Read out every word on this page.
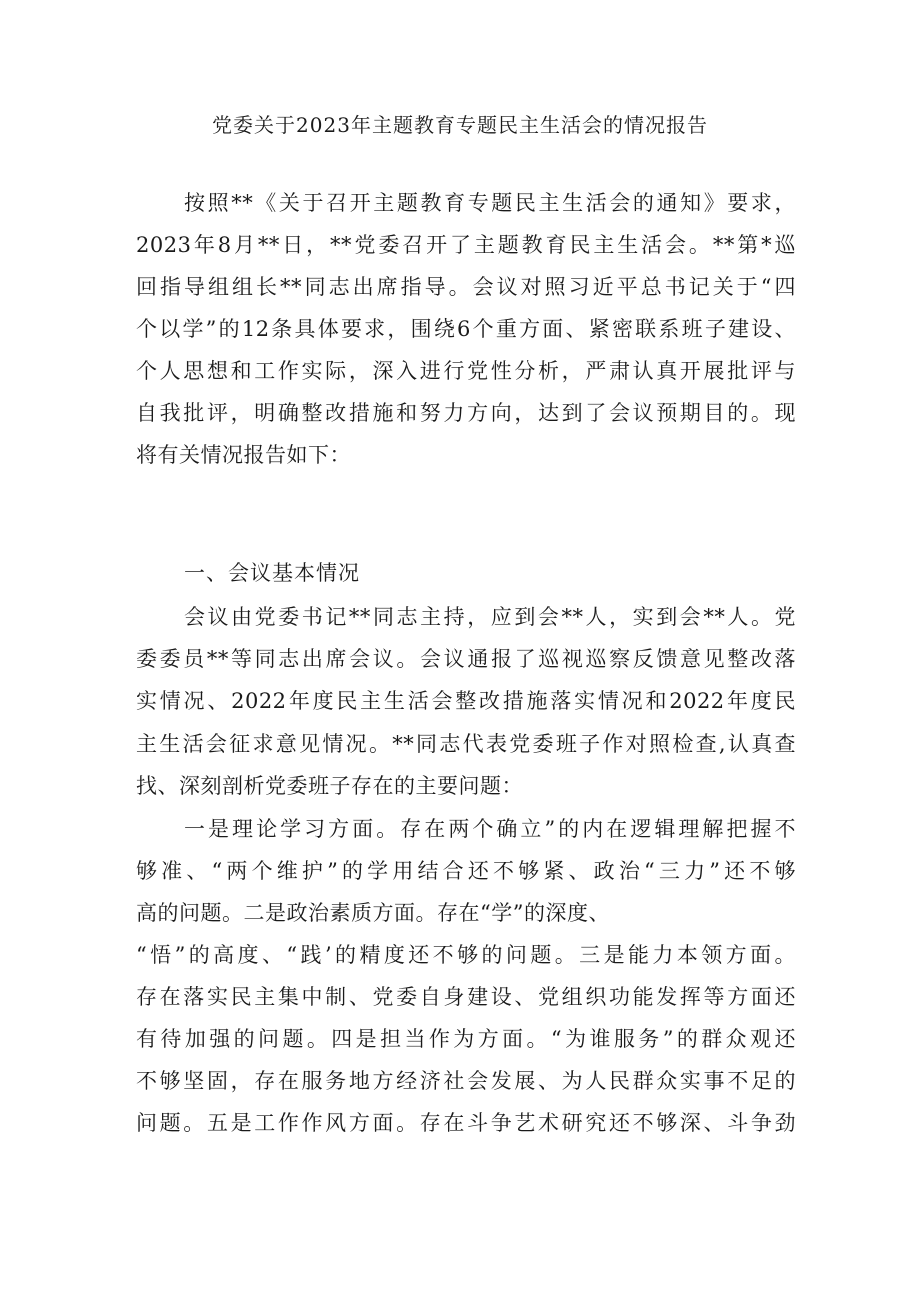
党委关于2023年主题教育专题民主生活会的情况报告
按照**《关于召开主题教育专题民主生活会的通知》要求，
2023年8月**日，**党委召开了主题教育民主生活会。**第*巡
回指导组组长**同志出席指导。会议对照习近平总书记关于“四
个以学”的12条具体要求，围绕6个重方面、紧密联系班子建设、
个人思想和工作实际，深入进行党性分析，严肃认真开展批评与
自我批评，明确整改措施和努力方向，达到了会议预期目的。现
将有关情况报告如下：
一、会议基本情况
会议由党委书记**同志主持，应到会**人，实到会**人。党
委委员**等同志出席会议。会议通报了巡视巡察反馈意见整改落
实情况、2022年度民主生活会整改措施落实情况和2022年度民
主生活会征求意见情况。**同志代表党委班子作对照检查,认真查
找、深刻剖析党委班子存在的主要问题：
一是理论学习方面。存在两个确立”的内在逻辑理解把握不
够准、“两个维护”的学用结合还不够紧、政治“三力”还不够
高的问题。二是政治素质方面。存在“学”的深度、
“悟”的高度、“践’的精度还不够的问题。三是能力本领方面。
存在落实民主集中制、党委自身建设、党组织功能发挥等方面还
有待加强的问题。四是担当作为方面。“为谁服务”的群众观还
不够坚固，存在服务地方经济社会发展、为人民群众实事不足的
问题。五是工作作风方面。存在斗争艺术研究还不够深、斗争劲
